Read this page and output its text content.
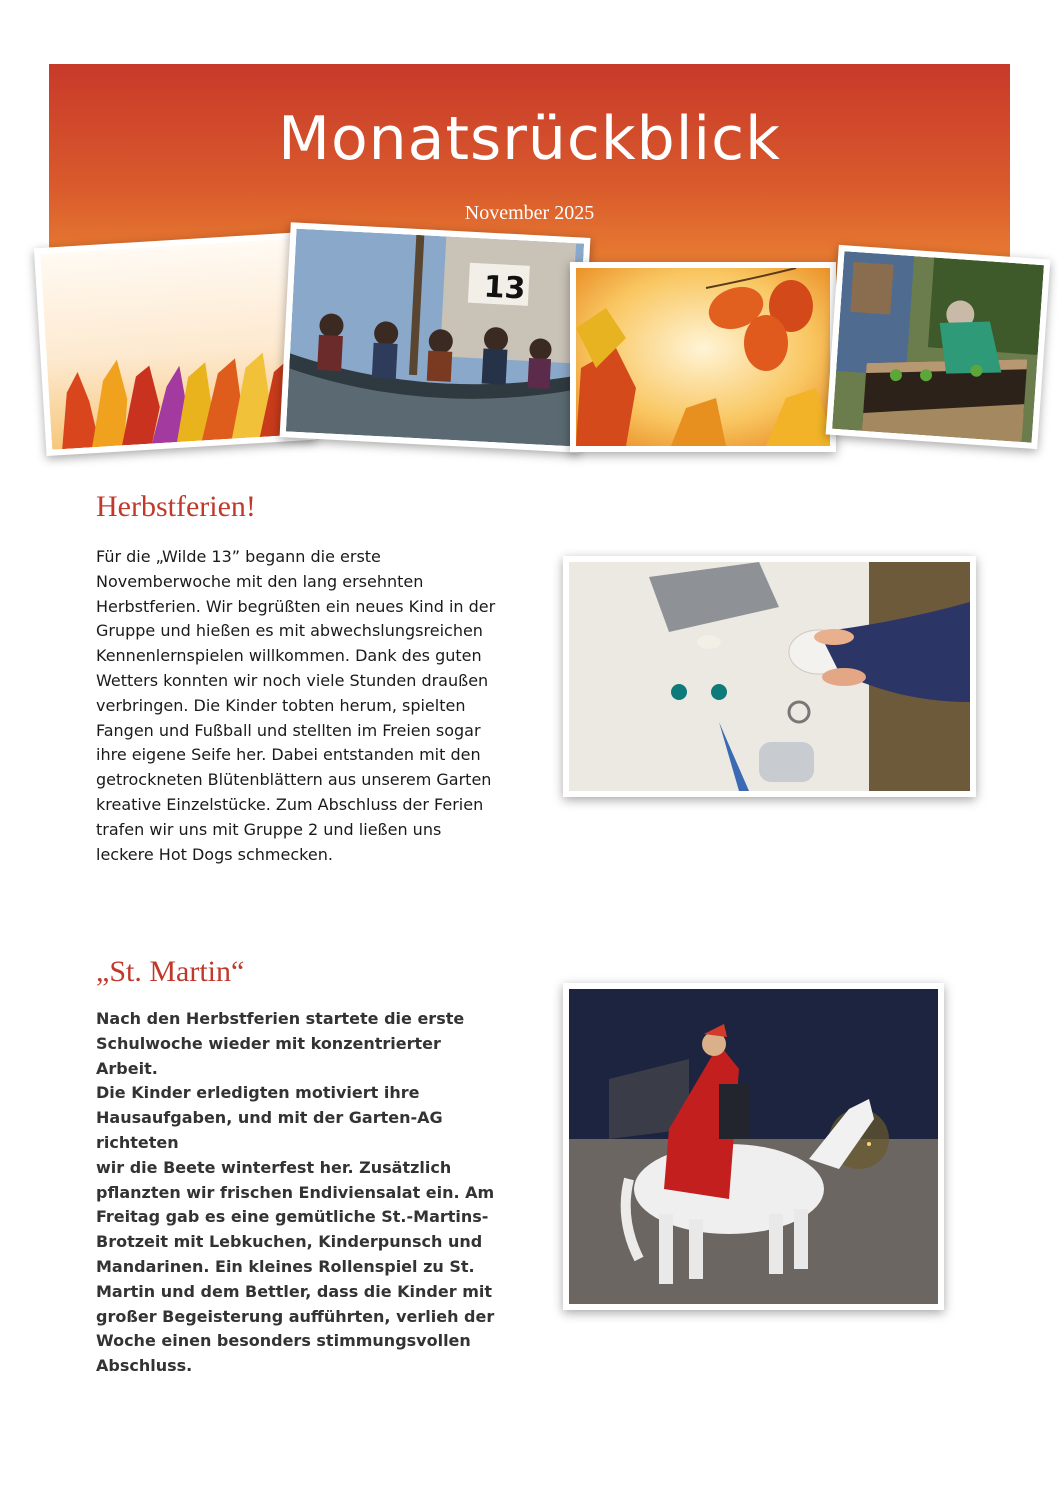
Monatsrückblick
November 2025
13
Herbstferien!
Für die „Wilde 13” begann die erste
Novemberwoche mit den lang ersehnten
Herbstferien. Wir begrüßten ein neues Kind in der
Gruppe und hießen es mit abwechslungsreichen
Kennenlernspielen willkommen. Dank des guten
Wetters konnten wir noch viele Stunden draußen
verbringen. Die Kinder tobten herum, spielten
Fangen und Fußball und stellten im Freien sogar
ihre eigene Seife her. Dabei entstanden mit den
getrockneten Blütenblättern aus unserem Garten
kreative Einzelstücke. Zum Abschluss der Ferien
trafen wir uns mit Gruppe 2 und ließen uns
leckere Hot Dogs schmecken.
„St. Martin“
Nach den Herbstferien startete die erste
Schulwoche wieder mit konzentrierter Arbeit.
Die Kinder erledigten motiviert ihre
Hausaufgaben, und mit der Garten-AG richteten
wir die Beete winterfest her. Zusätzlich
pflanzten wir frischen Endiviensalat ein. Am
Freitag gab es eine gemütliche St.-Martins-
Brotzeit mit Lebkuchen, Kinderpunsch und
Mandarinen. Ein kleines Rollenspiel zu St.
Martin und dem Bettler, dass die Kinder mit
großer Begeisterung aufführten, verlieh der
Woche einen besonders stimmungsvollen
Abschluss.
